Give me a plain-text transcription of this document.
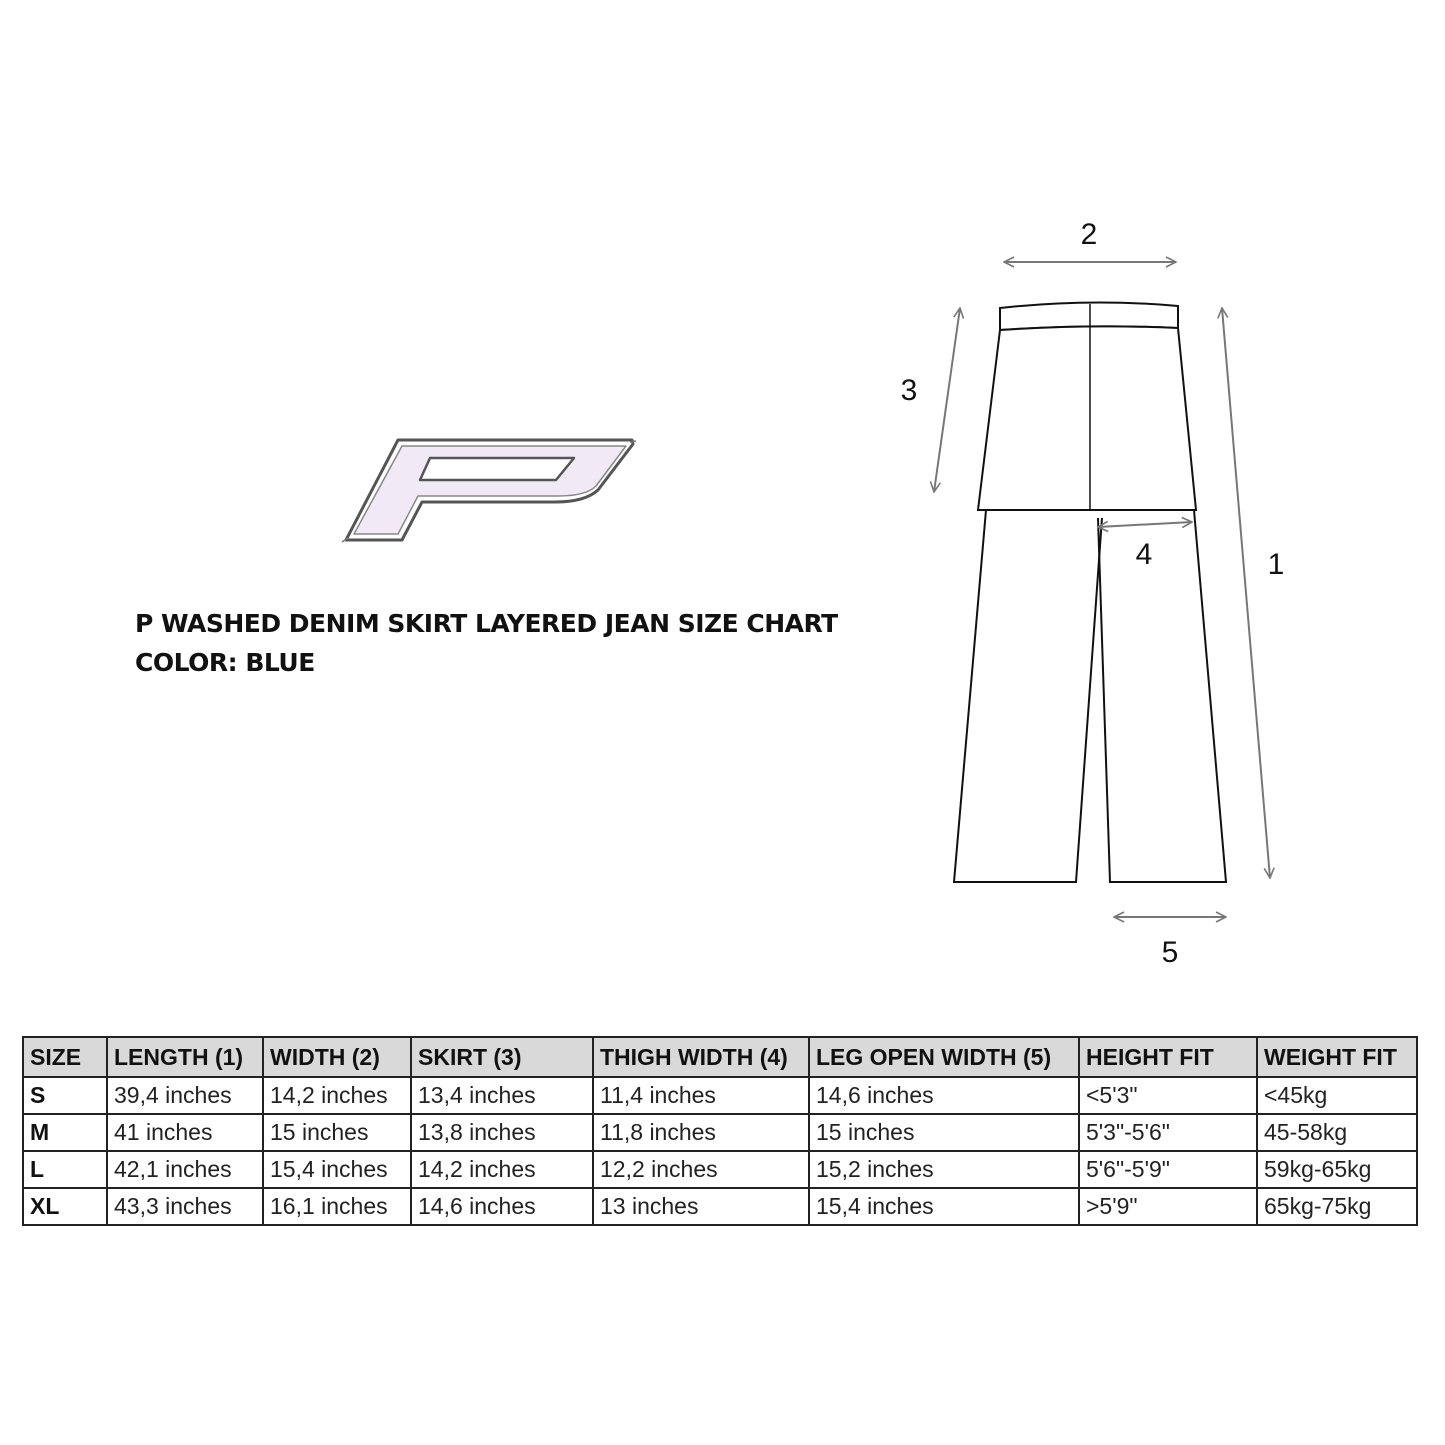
P WASHED DENIM SKIRT LAYERED JEAN SIZE CHART
COLOR: BLUE
2
3
1
4
5
SIZE	LENGTH (1)	WIDTH (2)	SKIRT (3)	THIGH WIDTH (4)	LEG OPEN WIDTH (5)	HEIGHT FIT	WEIGHT FIT
S	39,4 inches	14,2 inches	13,4 inches	11,4 inches	14,6 inches	<5'3"	<45kg
M	41 inches	15 inches	13,8 inches	11,8 inches	15 inches	5'3"-5'6"	45-58kg
L	42,1 inches	15,4 inches	14,2 inches	12,2 inches	15,2 inches	5'6"-5'9"	59kg-65kg
XL	43,3 inches	16,1 inches	14,6 inches	13 inches	15,4 inches	>5'9"	65kg-75kg
